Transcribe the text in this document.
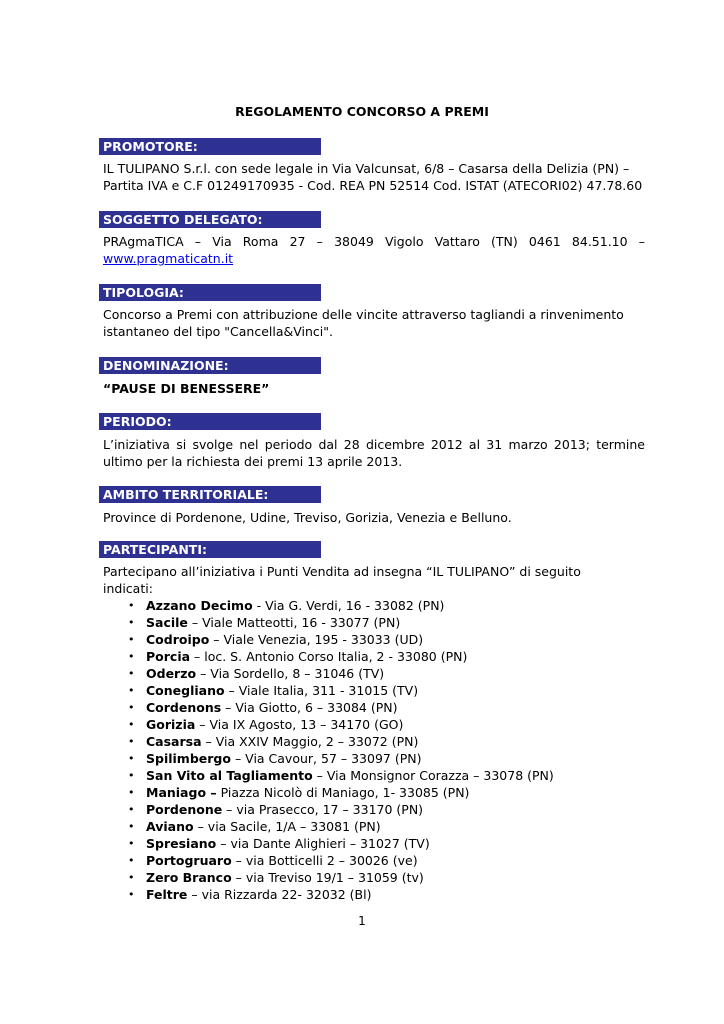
REGOLAMENTO CONCORSO A PREMI
PROMOTORE:
IL TULIPANO S.r.l. con sede legale in Via Valcunsat, 6/8 – Casarsa della Delizia (PN) – Partita IVA e C.F 01249170935 - Cod. REA PN 52514 Cod. ISTAT (ATECORI02) 47.78.60
SOGGETTO DELEGATO:
PRAgmaTICA – Via Roma 27 – 38049 Vigolo Vattaro (TN) 0461 84.51.10 – www.pragmaticatn.it
TIPOLOGIA:
Concorso a Premi con attribuzione delle vincite attraverso tagliandi a rinvenimento istantaneo del tipo "Cancella&Vinci".
DENOMINAZIONE:
“PAUSE DI BENESSERE”
PERIODO:
L’iniziativa si svolge nel periodo dal 28 dicembre 2012 al 31 marzo 2013; termine ultimo per la richiesta dei premi 13 aprile 2013.
AMBITO TERRITORIALE:
Province di Pordenone, Udine, Treviso, Gorizia, Venezia e Belluno.
PARTECIPANTI:
Partecipano all’iniziativa i Punti Vendita ad insegna “IL TULIPANO” di seguito indicati:
• Azzano Decimo - Via G. Verdi, 16 - 33082 (PN)
• Sacile – Viale Matteotti, 16 - 33077 (PN)
• Codroipo – Viale Venezia, 195 - 33033 (UD)
• Porcia – loc. S. Antonio Corso Italia, 2 - 33080 (PN)
• Oderzo – Via Sordello, 8 – 31046 (TV)
• Conegliano – Viale Italia, 311 - 31015 (TV)
• Cordenons – Via Giotto, 6 – 33084 (PN)
• Gorizia – Via IX Agosto, 13 – 34170 (GO)
• Casarsa – Via XXIV Maggio, 2 – 33072 (PN)
• Spilimbergo – Via Cavour, 57 – 33097 (PN)
• San Vito al Tagliamento – Via Monsignor Corazza – 33078 (PN)
• Maniago – Piazza Nicolò di Maniago, 1- 33085 (PN)
• Pordenone – via Prasecco, 17 – 33170 (PN)
• Aviano – via Sacile, 1/A – 33081 (PN)
• Spresiano – via Dante Alighieri – 31027 (TV)
• Portogruaro – via Botticelli 2 – 30026 (ve)
• Zero Branco – via Treviso 19/1 – 31059 (tv)
• Feltre – via Rizzarda 22- 32032 (Bl)
1
